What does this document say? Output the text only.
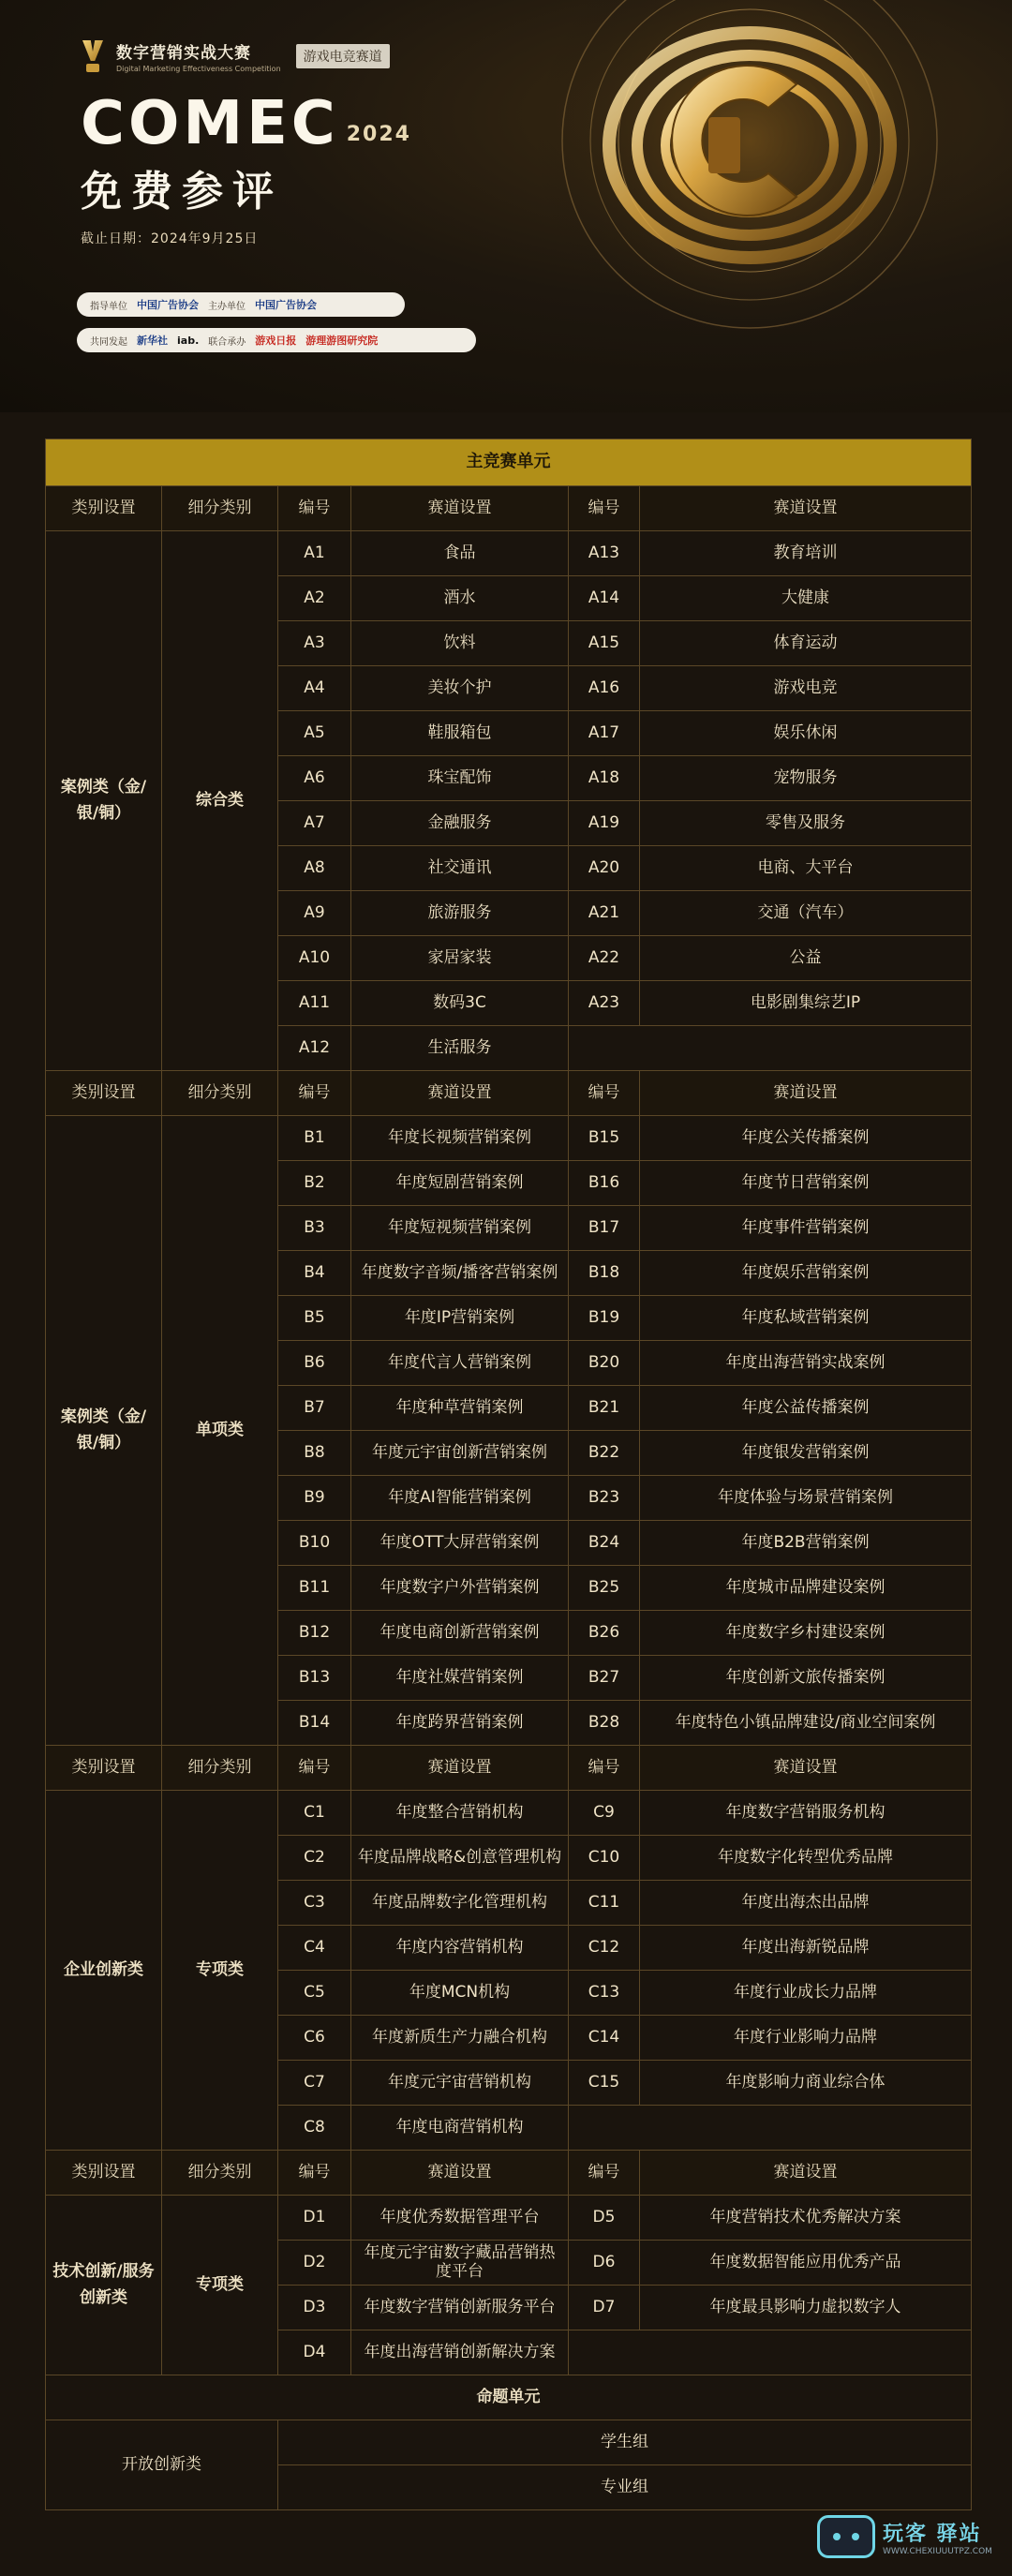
数字营销实战大赛
Digital Marketing Effectiveness Competition
游戏电竞赛道
COMEC 2024
免费参评
截止日期：2024年9月25日
指导单位 中国广告协会 主办单位 中国广告协会
共同发起 新华社 iab. 联合承办 游戏日报 游理游图研究院
主竞赛单元					
类别设置	细分类别	编号	赛道设置	编号	赛道设置
案例类（金/银/铜）	综合类	A1	食品	A13	教育培训
		A2	酒水	A14	大健康
		A3	饮料	A15	体育运动
		A4	美妆个护	A16	游戏电竞
		A5	鞋服箱包	A17	娱乐休闲
		A6	珠宝配饰	A18	宠物服务
		A7	金融服务	A19	零售及服务
		A8	社交通讯	A20	电商、大平台
		A9	旅游服务	A21	交通（汽车）
		A10	家居家装	A22	公益
		A11	数码3C	A23	电影剧集综艺IP
		A12	生活服务		
类别设置	细分类别	编号	赛道设置	编号	赛道设置
案例类（金/银/铜）	单项类	B1	年度长视频营销案例	B15	年度公关传播案例
		B2	年度短剧营销案例	B16	年度节日营销案例
		B3	年度短视频营销案例	B17	年度事件营销案例
		B4	年度数字音频/播客营销案例	B18	年度娱乐营销案例
		B5	年度IP营销案例	B19	年度私域营销案例
		B6	年度代言人营销案例	B20	年度出海营销实战案例
		B7	年度种草营销案例	B21	年度公益传播案例
		B8	年度元宇宙创新营销案例	B22	年度银发营销案例
		B9	年度AI智能营销案例	B23	年度体验与场景营销案例
		B10	年度OTT大屏营销案例	B24	年度B2B营销案例
		B11	年度数字户外营销案例	B25	年度城市品牌建设案例
		B12	年度电商创新营销案例	B26	年度数字乡村建设案例
		B13	年度社媒营销案例	B27	年度创新文旅传播案例
		B14	年度跨界营销案例	B28	年度特色小镇品牌建设/商业空间案例
类别设置	细分类别	编号	赛道设置	编号	赛道设置
企业创新类	专项类	C1	年度整合营销机构	C9	年度数字营销服务机构
		C2	年度品牌战略&创意管理机构	C10	年度数字化转型优秀品牌
		C3	年度品牌数字化管理机构	C11	年度出海杰出品牌
		C4	年度内容营销机构	C12	年度出海新锐品牌
		C5	年度MCN机构	C13	年度行业成长力品牌
		C6	年度新质生产力融合机构	C14	年度行业影响力品牌
		C7	年度元宇宙营销机构	C15	年度影响力商业综合体
		C8	年度电商营销机构		
类别设置	细分类别	编号	赛道设置	编号	赛道设置
技术创新/服务创新类	专项类	D1	年度优秀数据管理平台	D5	年度营销技术优秀解决方案
		D2	年度元宇宙数字藏品营销热度平台	D6	年度数据智能应用优秀产品
		D3	年度数字营销创新服务平台	D7	年度最具影响力虚拟数字人
		D4	年度出海营销创新解决方案		
命题单元					
开放创新类		学生组			
		专业组			
玩客 驿站
WWW.CHEXIUUUTPZ.COM
